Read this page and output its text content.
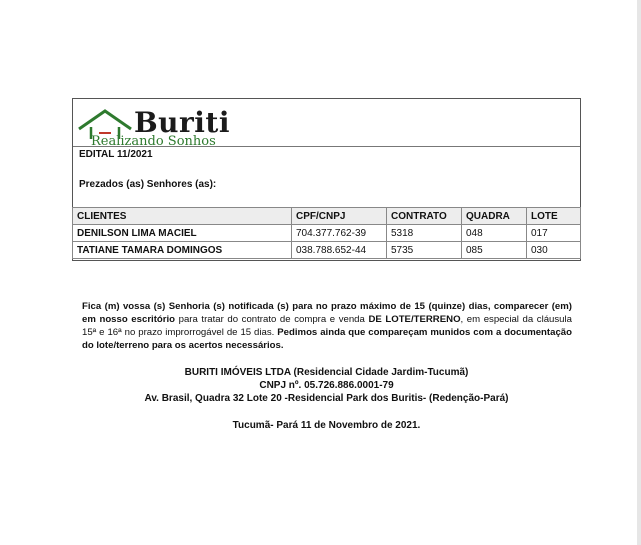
Buriti
Realizando Sonhos
EDITAL 11/2021
Prezados (as) Senhores (as):
CLIENTES	CPF/CNPJ	CONTRATO	QUADRA	LOTE
DENILSON LIMA MACIEL	704.377.762-39	5318	048	017
TATIANE TAMARA DOMINGOS	038.788.652-44	5735	085	030
Fica (m) vossa (s) Senhoria (s) notificada (s) para no prazo máximo de 15 (quinze) dias, comparecer (em) em nosso escritório para tratar do contrato de compra e venda DE LOTE/TERRENO, em especial da cláusula 15ª e 16ª no prazo improrrogável de 15 dias. Pedimos ainda que compareçam munidos com a documentação do lote/terreno para os acertos necessários.
BURITI IMÓVEIS LTDA (Residencial Cidade Jardim-Tucumã)
CNPJ nº. 05.726.886.0001-79
Av. Brasil, Quadra 32 Lote 20 -Residencial Park dos Buritis- (Redenção-Pará)
Tucumã- Pará 11 de Novembro de 2021.
